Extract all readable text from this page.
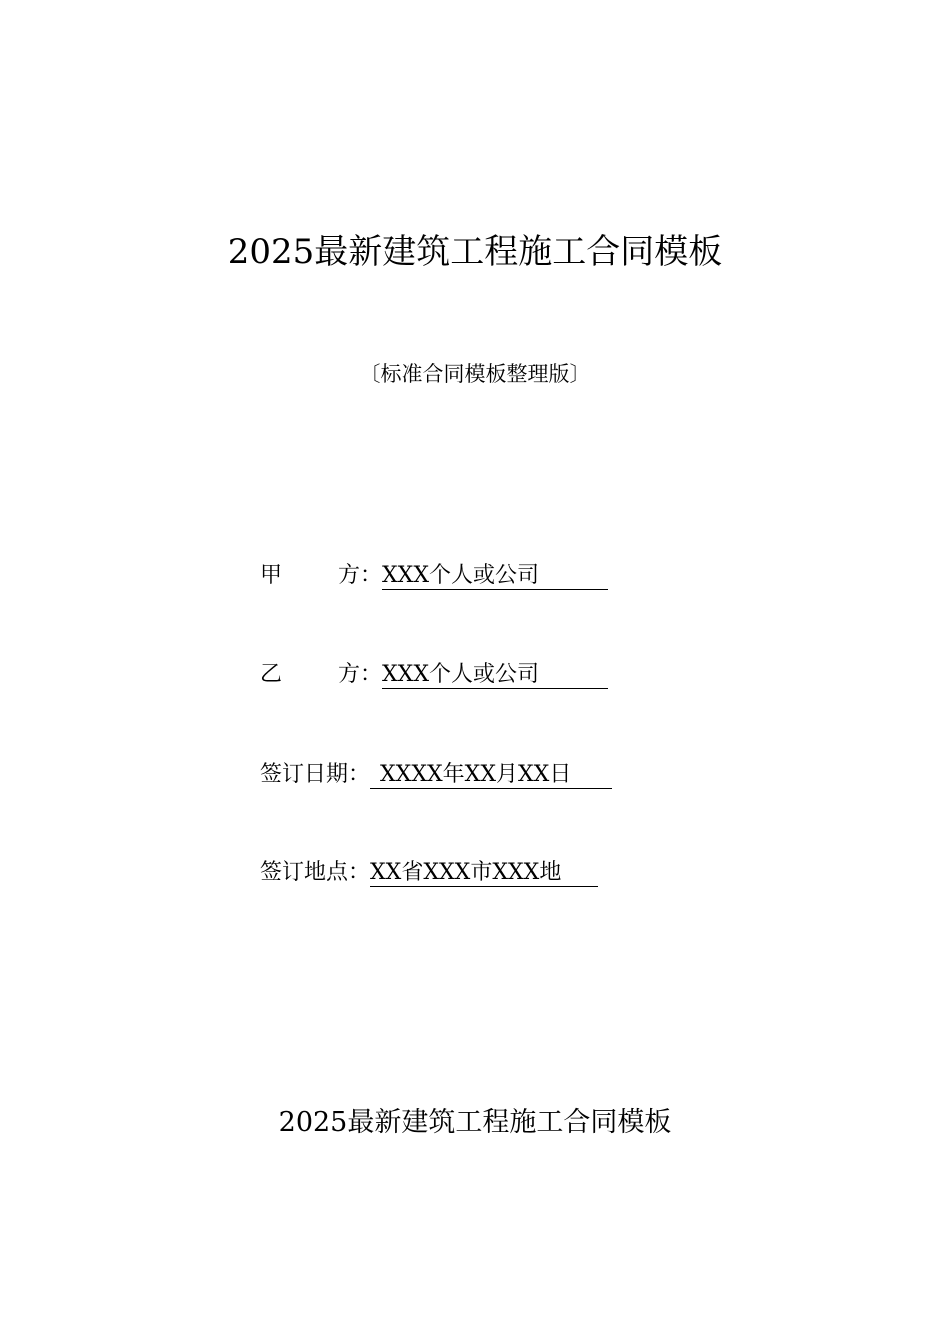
2025最新建筑工程施工合同模板
〔标准合同模板整理版〕
甲	方：XXX个人或公司
乙	方：XXX个人或公司
签订日期： XXXX年XX月XX日
签订地点：XX省XXX市XXX地
2025最新建筑工程施工合同模板
